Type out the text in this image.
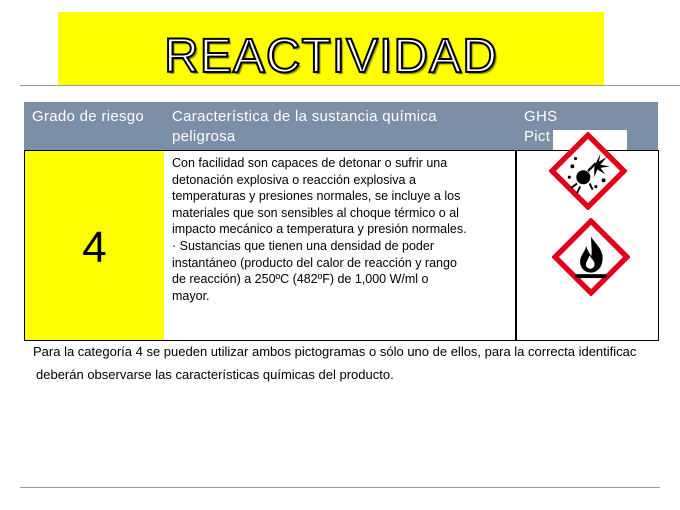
REACTIVIDAD
Grado de riesgo	Característica de la sustancia química peligrosa
GHS Pict
4
Con facilidad son capaces de detonar o sufrir una
detonación explosiva o reacción explosiva a
temperaturas y presiones normales, se incluye a los
materiales que son sensibles al choque térmico o al
impacto mecánico a temperatura y presión normales.
· Sustancias que tienen una densidad de poder
instantáneo (producto del calor de reacción y rango
de reacción) a 250ºC (482ºF) de 1,000 W/ml o
mayor.
Para la categoría 4 se pueden utilizar ambos pictogramas o sólo uno de ellos, para la correcta identificac
deberán observarse las características químicas del producto.
